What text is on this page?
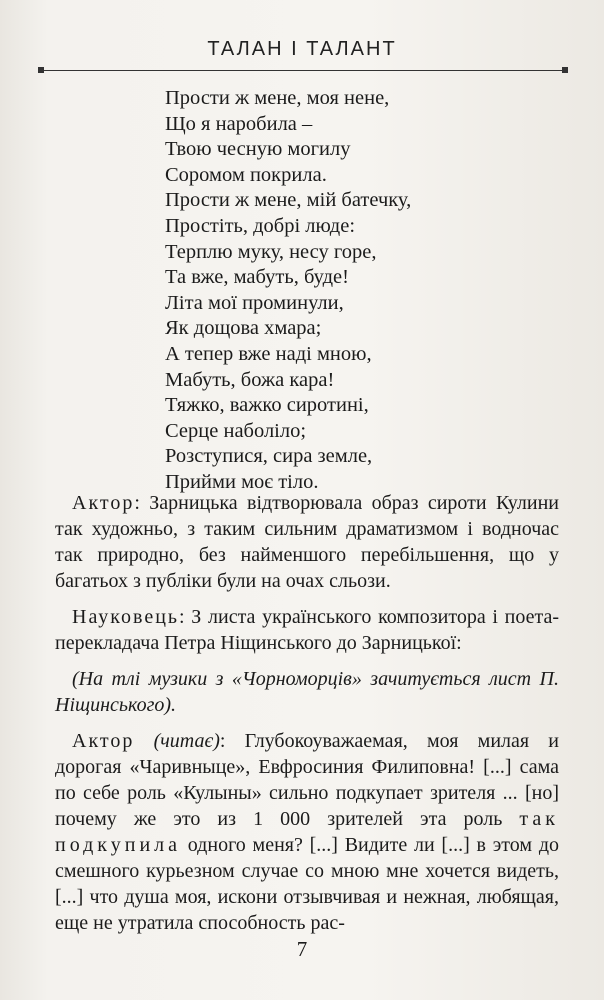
ТАЛАН І ТАЛАНТ
Прости ж мене, моя нене,
Що я наробила –
Твою чесную могилу
Соромом покрила.
Прости ж мене, мій батечку,
Простіть, добрі люде:
Терплю муку, несу горе,
Та вже, мабуть, буде!
Літа мої проминули,
Як дощова хмара;
А тепер вже наді мною,
Мабуть, божа кара!
Тяжко, важко сиротині,
Серце наболіло;
Розступися, сира земле,
Прийми моє тіло.

Актор: Зарницька відтворювала образ сироти Кулини так художньо, з таким сильним драматизмом і водночас так природно, без найменшого перебільшення, що у багатьох з публіки були на очах сльози.

Науковець: З листа українського композитора і поета-перекладача Петра Ніщинського до Зарницької:

(На тлі музики з «Чорноморців» зачитується лист П. Ніщинського).

Актор (читає): Глубокоуважаемая, моя милая и дорогая «Чаривныце», Евфросиния Филиповна! [...] сама по себе роль «Кулыны» сильно подкупает зрителя ... [но] почему же это из 1 000 зрителей эта роль так подкупила одного меня? [...] Видите ли [...] в этом до смешного курьезном случае со мною мне хочется видеть, [...] что душа моя, искони отзывчивая и нежная, любящая, еще не утратила способность рас-

7
